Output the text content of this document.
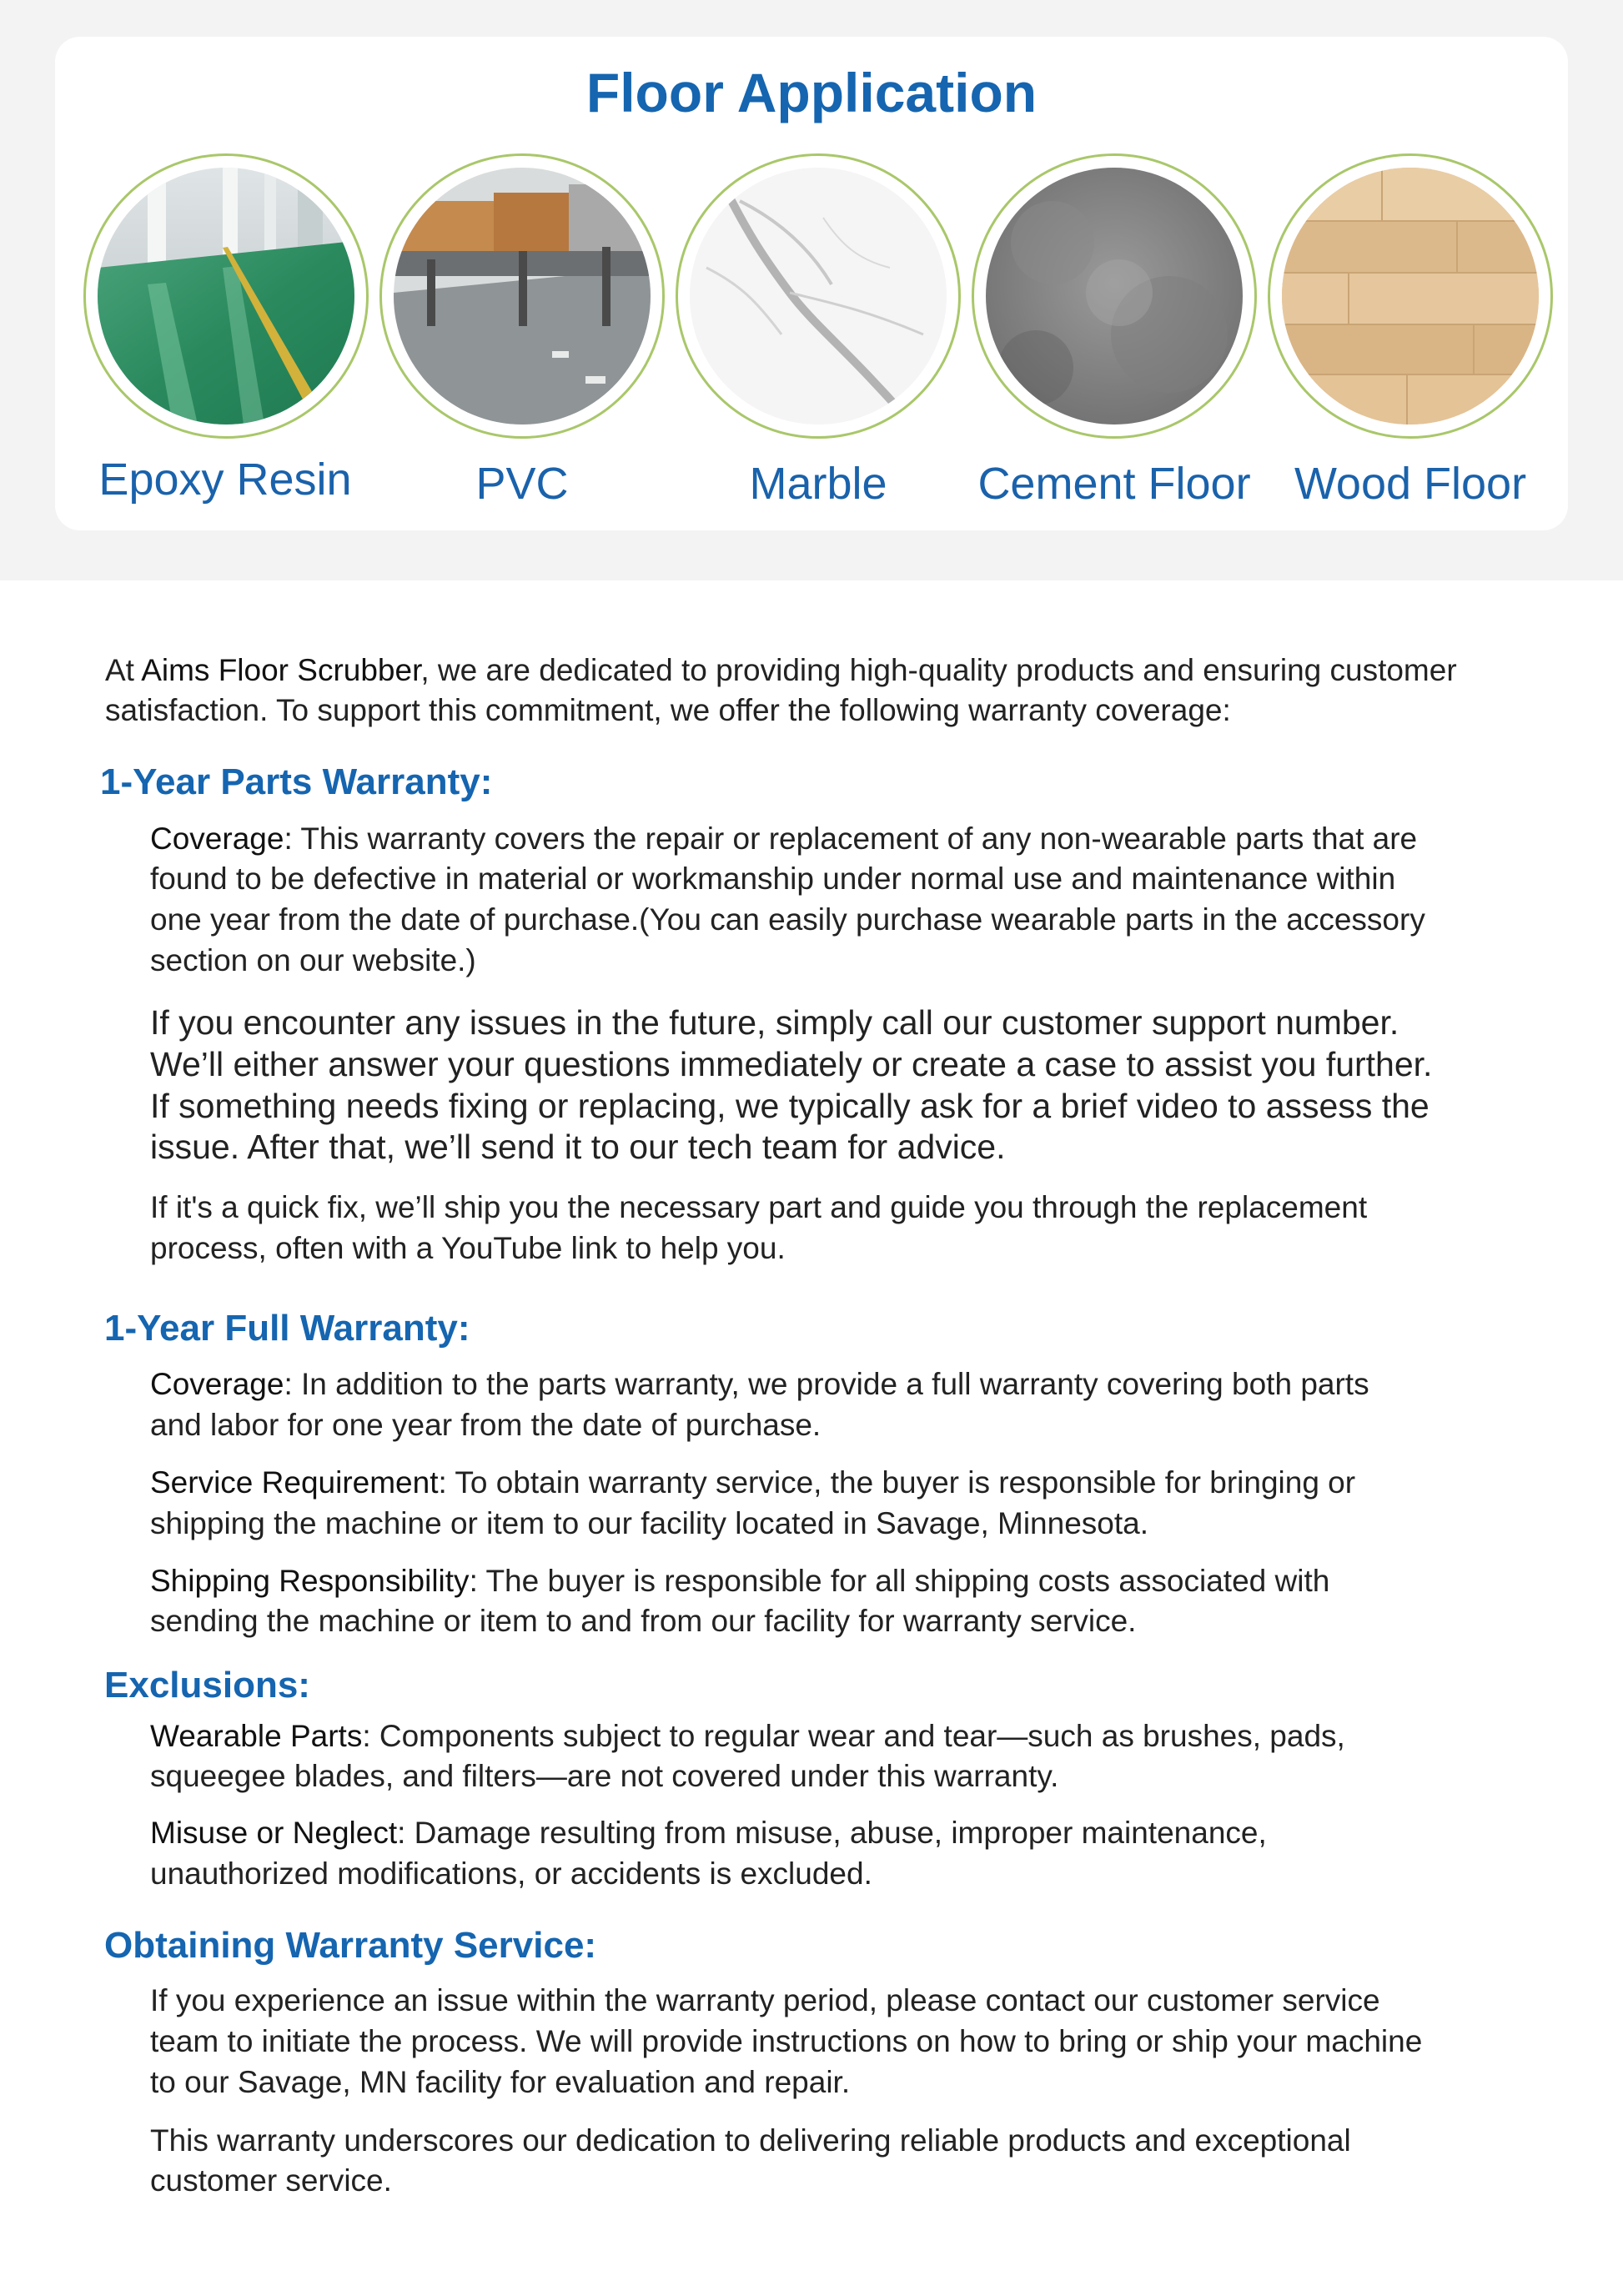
Floor Application
Epoxy Resin	PVC	Marble	Cement Floor Wood Floor
At Aims Floor Scrubber, we are dedicated to providing high-quality products and ensuring customer
satisfaction. To support this commitment, we offer the following warranty coverage:
1-Year Parts Warranty:
Coverage: This warranty covers the repair or replacement of any non-wearable parts that are
found to be defective in material or workmanship under normal use and maintenance within
one year from the date of purchase.(You can easily purchase wearable parts in the accessory
section on our website.)
If you encounter any issues in the future, simply call our customer support number.
We’ll either answer your questions immediately or create a case to assist you further.
If something needs fixing or replacing, we typically ask for a brief video to assess the
issue. After that, we’ll send it to our tech team for advice.
If it's a quick fix, we’ll ship you the necessary part and guide you through the replacement
process, often with a YouTube link to help you.
1-Year Full Warranty:
Coverage: In addition to the parts warranty, we provide a full warranty covering both parts
and labor for one year from the date of purchase.
Service Requirement: To obtain warranty service, the buyer is responsible for bringing or
shipping the machine or item to our facility located in Savage, Minnesota.
Shipping Responsibility: The buyer is responsible for all shipping costs associated with
sending the machine or item to and from our facility for warranty service.
Exclusions:
Wearable Parts: Components subject to regular wear and tear—such as brushes, pads,
squeegee blades, and filters—are not covered under this warranty.
Misuse or Neglect: Damage resulting from misuse, abuse, improper maintenance,
unauthorized modifications, or accidents is excluded.
Obtaining Warranty Service:
If you experience an issue within the warranty period, please contact our customer service
team to initiate the process. We will provide instructions on how to bring or ship your machine
to our Savage, MN facility for evaluation and repair.
This warranty underscores our dedication to delivering reliable products and exceptional
customer service.
